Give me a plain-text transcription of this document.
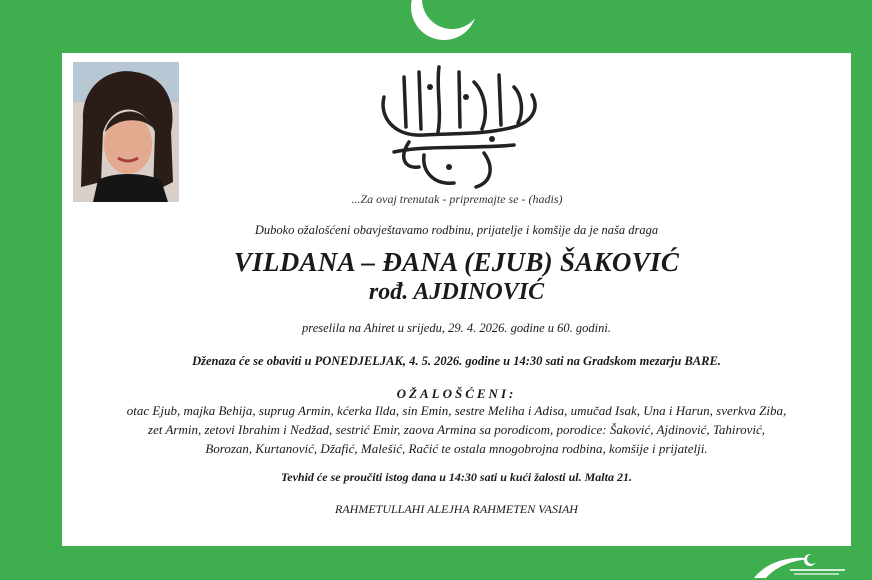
...Za ovaj trenutak - pripremajte se - (hadis)
Duboko ožalošćeni obavještavamo rodbinu, prijatelje i komšije da je naša draga
VILDANA – ĐANA (EJUB) ŠAKOVIĆ
rođ. AJDINOVIĆ
preselila na Ahiret u srijedu, 29. 4. 2026. godine u 60. godini.
Dženaza će se obaviti u PONEDJELJAK, 4. 5. 2026. godine u 14:30 sati na Gradskom mezarju BARE.
OŽALOŠĆENI:
otac Ejub, majka Behija, suprug Armin, kćerka Ilda, sin Emin, sestre Meliha i Adisa, umučad Isak, Una i Harun, sverkva Ziba,
zet Armin, zetovi Ibrahim i Nedžad, sestrić Emir, zaova Armina sa porodicom, porodice: Šaković, Ajdinović, Tahirović,
Borozan, Kurtanović, Džafić, Malešić, Račić te ostala mnogobrojna rodbina, komšije i prijatelji.
Tevhid će se proučiti istog dana u 14:30 sati u kući žalosti ul. Malta 21.
RAHMETULLAHI ALEJHA RAHMETEN VASIAH
